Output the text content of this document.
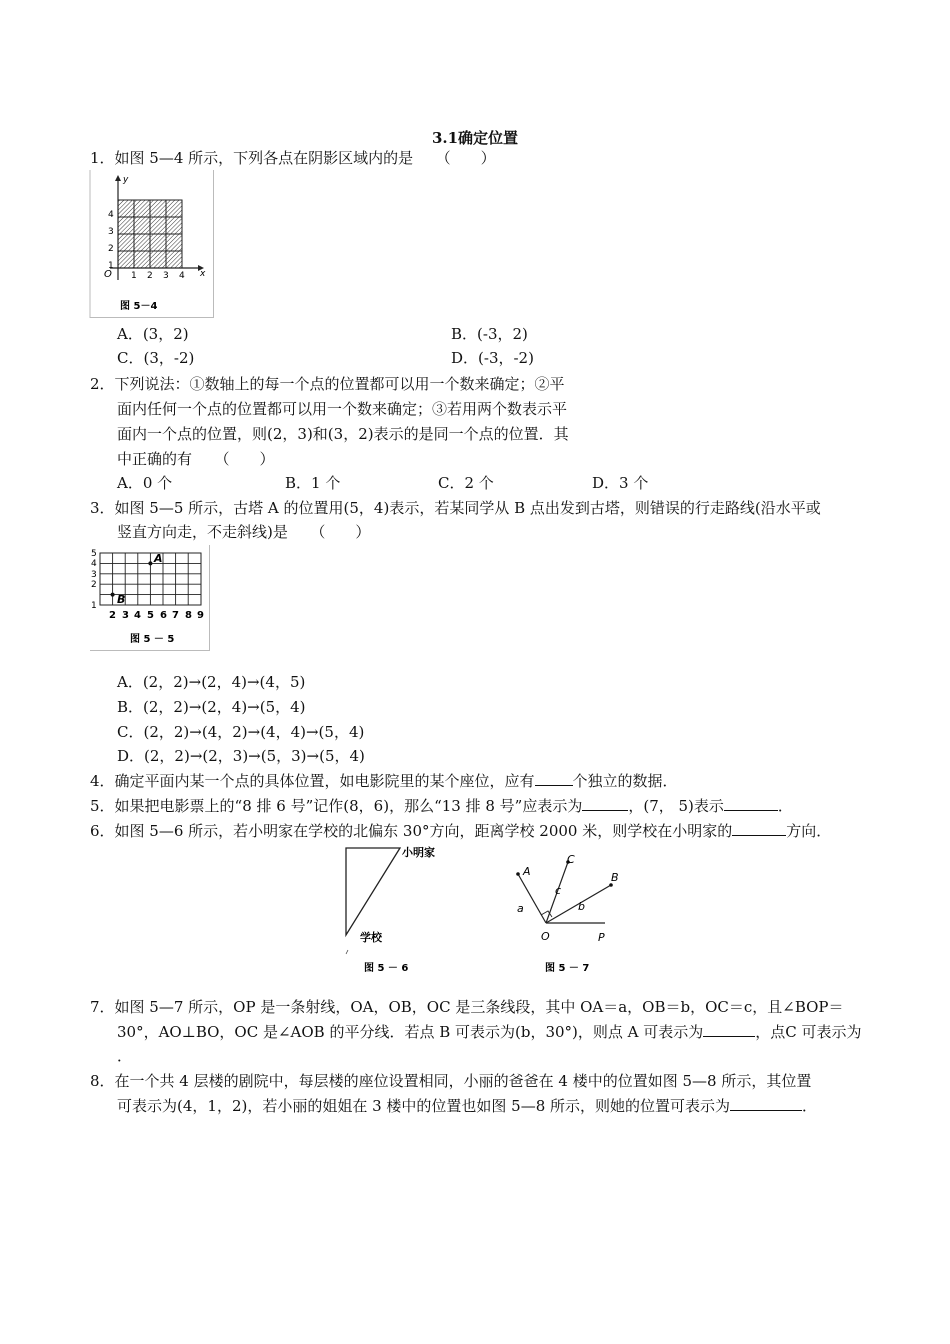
3.1确定位置
1．如图 5—4 所示，下列各点在阴影区域内的是　　（　　）
y
x
O 1 2 3 4
1
2
3
4
图 5－4
A．(3，2)	B．(-3，2)
C．(3，-2)	D．(-3，-2)
2．下列说法：①数轴上的每一个点的位置都可以用一个数来确定；②平
面内任何一个点的位置都可以用一个数来确定；③若用两个数表示平
面内一个点的位置，则(2，3)和(3，2)表示的是同一个点的位置．其
中正确的有　　（　　）
A．0 个	B．1 个	C．2 个	D．3 个
3．如图 5—5 所示，古塔 A 的位置用(5，4)表示，若某同学从 B 点出发到古塔，则错误的行走路线(沿水平或
竖直方向走，不走斜线)是　　（　　）
A
B
5
4
3
2
1
2 3 4 5 6 7 8 9
图 5 － 5
A．(2，2)→(2，4)→(4，5)
B．(2，2)→(2，4)→(5，4)
C．(2，2)→(4，2)→(4，4)→(5，4)
D．(2，2)→(2，3)→(5，3)→(5，4)
4．确定平面内某一个点的具体位置，如电影院里的某个座位，应有	个独立的数据．
5．如果把电影票上的“8 排 6 号”记作(8，6)，那么“13 排 8 号”应表示为	，(7， 5)表示	．
6．如图 5—6 所示，若小明家在学校的北偏东 30°方向，距离学校 2000 米，则学校在小明家的	方向．
小明家
学校
图 5 － 6
A
C
B
O	P
a
c
b
图 5 － 7
7．如图 5—7 所示，OP 是一条射线，OA，OB，OC 是三条线段，其中 OA＝a，OB＝b，OC＝c，且∠BOP＝
30°，AO⊥BO，OC 是∠AOB 的平分线．若点 B 可表示为(b，30°)，则点 A 可表示为	，点C 可表示为
．
8．在一个共 4 层楼的剧院中，每层楼的座位设置相同，小丽的爸爸在 4 楼中的位置如图 5—8 所示，其位置
可表示为(4，1，2)，若小丽的姐姐在 3 楼中的位置也如图 5—8 所示，则她的位置可表示为	．
